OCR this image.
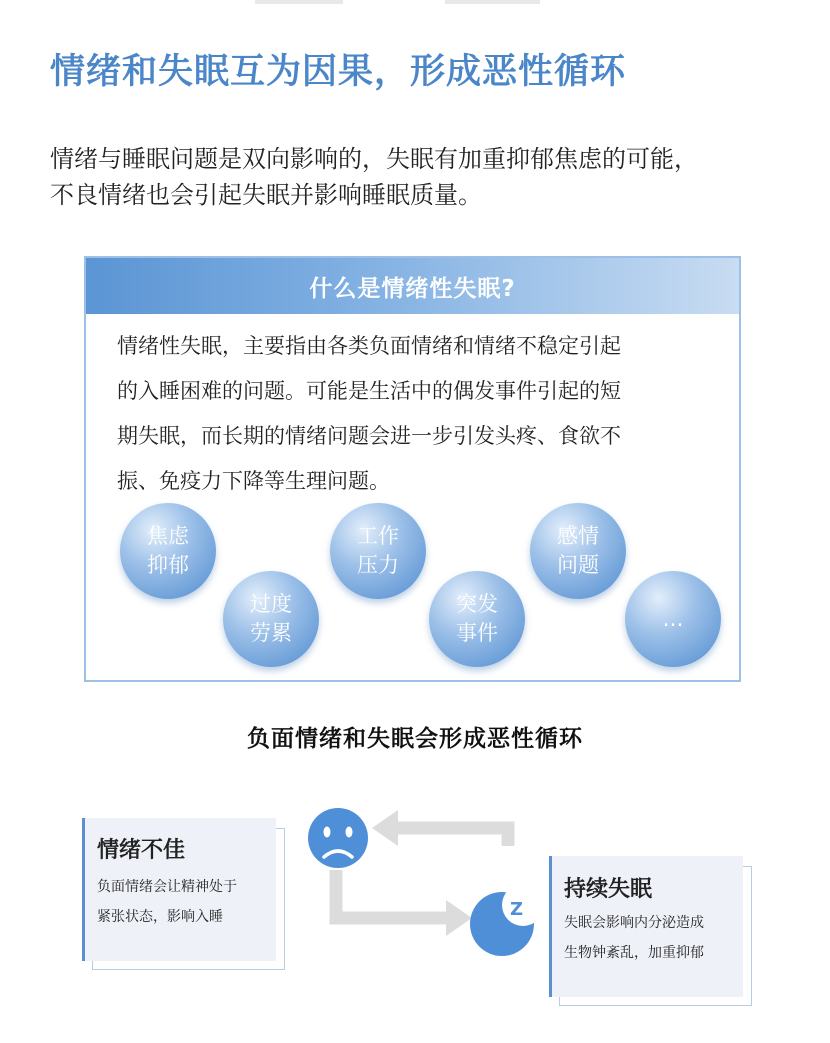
情绪和失眠互为因果，形成恶性循环

情绪与睡眠问题是双向影响的，失眠有加重抑郁焦虑的可能，
不良情绪也会引起失眠并影响睡眠质量。

什么是情绪性失眠?

情绪性失眠，主要指由各类负面情绪和情绪不稳定引起
的入睡困难的问题。可能是生活中的偶发事件引起的短
期失眠，而长期的情绪问题会进一步引发头疼、食欲不
振、免疫力下降等生理问题。

焦虑
抑郁
过度
劳累
工作
压力
突发
事件
感情
问题
…
负面情绪和失眠会形成恶性循环
Z
情绪不佳

负面情绪会让精神处于
紧张状态，影响入睡

持续失眠

失眠会影响内分泌造成
生物钟紊乱，加重抑郁
